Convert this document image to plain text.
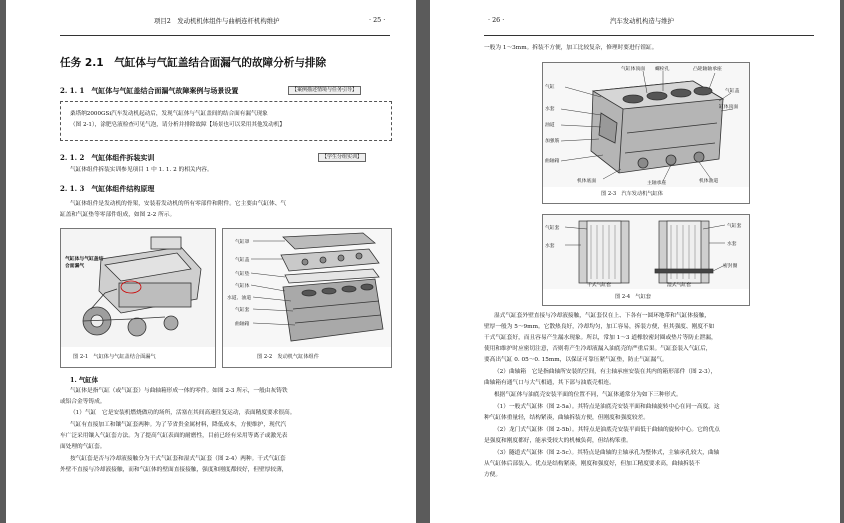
项目2　发动机机体组件与曲柄连杆机构维护	· 25 ·
任务 2.1　气缸体与气缸盖结合面漏气的故障分析与排除
2. 1. 1　气缸体与气缸盖结合面漏气故障案例与场景设置	【案例描述情境与任务引导】
桑塔纳2000GSi汽车发动机起动后，发现气缸体与气缸盖间的结合面有漏气现象
（图 2-1），涂肥皂液检查可见气泡，请分析并排除故障【场景也可以采用其他发动机】
2. 1. 2　气缸体组件拆装实训	【学生分组实训】
气缸体组件拆装实训参见项目 1 中 1. 1. 2 的相关内容。
2. 1. 3　气缸体组件结构原理
气缸体组件是发动机的骨架，安装着发动机的所有零部件和附件。它主要由气缸体、气
缸盖和气缸垫等零部件组成，如图 2-2 所示。
气缸体与气缸盖结合面漏气
图 2-1　气缸体与气缸盖结合面漏气
气缸罩
气缸盖
气缸垫
气缸体
水道、油道
气缸套
曲轴箱
图 2-2　发动机气缸体组件
1. 气缸体
气缸体是指气缸（或气缸套）与曲轴箱形成一体的零件。如图 2-3 所示，一般由灰铸铁
或铝合金等铸成。
（1）气缸　它是安装机燃烧做功的场所，活塞在其间高速往复运动，表面精度要求很高。
气缸有直接加工和镶气缸套两种。为了节省贵金属材料，降低成本，方便维护，现代汽
车广泛采用镶入气缸套方法。为了提高气缸表面的耐磨性，目前已经有采用等离子或激光表
面处理的气缸套。
按气缸套是否与冷却液接触分为干式气缸套和湿式气缸套（图 2-4）两种。干式气缸套
外壁不直接与冷却液接触，而和气缸体的壁面直接接触，强度和刚度都较好，但壁厚较薄，
· 26 ·	汽车发动机构造与维护
一般为 1～3mm。拆装不方便，加工比较复杂，修理时要进行镗缸。
气缸
水套
油道
加强筋
曲轴箱
气缸体顶面 螺栓孔	凸轮轴轴承座
气缸盖
缸体顶面
机体底面	主轴承座	机体油道
图 2-3　汽车发动机气缸体
气缸套
水套
气缸套
水套
密封圈
干式气缸套	湿式气缸套
图 2-4　气缸套
湿式气缸套外壁直接与冷却液接触，气缸套仅在上、下各有一圆环地带和气缸体接触，
壁厚一般为 5～9mm。它散热良好，冷却均匀，加工容易，拆装方便，但其强度、刚度不如
干式气缸套好，而且容易产生漏水现象。所以，常加 1～3 道橡胶密封圈或垫片等防止泄漏，
使用和维护时应密切注意，否则将产生冷却液漏入油底壳的严重后果。气缸套装入气缸后，
要高出气缸 0. 05～0. 15mm，以保证可靠压紧气缸垫，防止气缸漏气。
（2）曲轴箱　它是指曲轴所安装的空间，有主轴承座安装在其内的箱形部件（图 2-3），
曲轴箱有通气口与大气相通，其下部与油底壳相连。
根据气缸体与油底壳安装平面的位置不同，气缸体通常分为如下三种形式。
（1）一般式气缸体（图 2-5a）。其特点是油底壳安装平面和曲轴旋转中心在同一高度。这
种气缸体重量轻，结构紧凑，曲轴拆装方便，但刚度和强度较差。
（2）龙门式气缸体（图 2-5b）。其特点是油底壳安装平面低于曲轴的旋转中心。它的优点
是强度和刚度都好，能承受较大的机械负荷，但结构笨重。
（3）隧道式气缸体（图 2-5c）。其特点是曲轴的主轴承孔为整体式，主轴承孔较大，曲轴
从气缸体后部装入。优点是结构紧凑，刚度和强度好，但加工精度要求高，曲轴拆装不
方便。
